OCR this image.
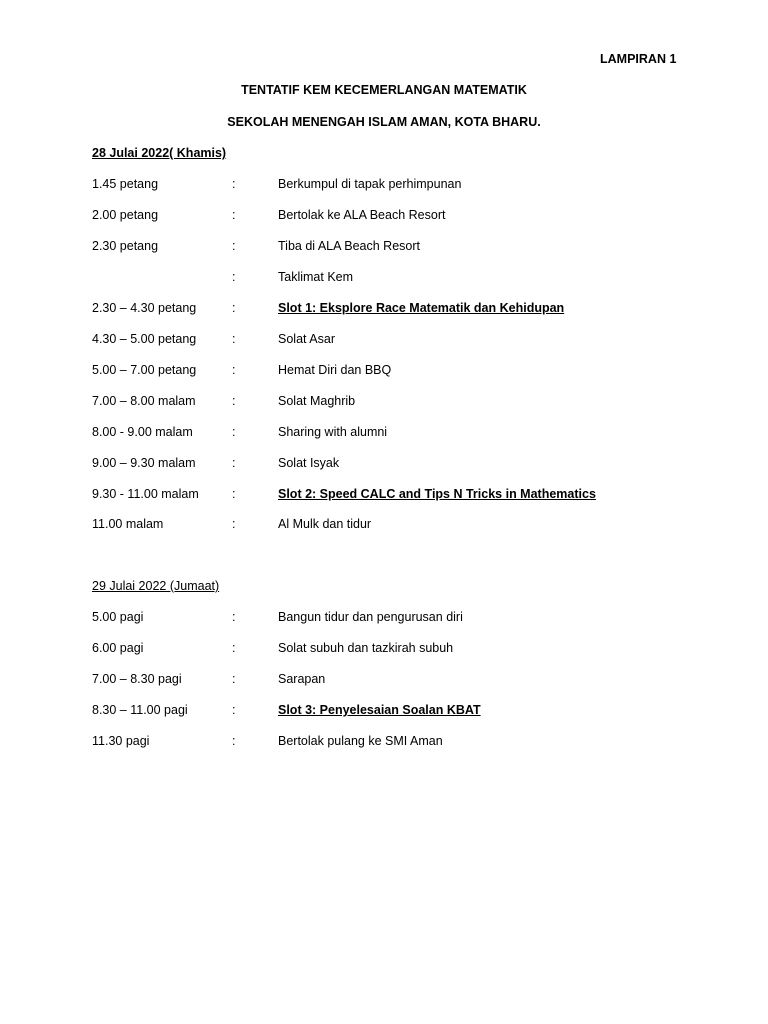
LAMPIRAN 1
TENTATIF KEM KECEMERLANGAN MATEMATIK
SEKOLAH MENENGAH ISLAM AMAN, KOTA BHARU.
28 Julai 2022( Khamis)
1.45 petang	:	Berkumpul di tapak perhimpunan
2.00 petang	:	Bertolak ke ALA Beach Resort
2.30 petang	:	Tiba di ALA Beach Resort
:	Taklimat Kem
2.30 – 4.30 petang	:	Slot 1: Eksplore Race Matematik dan Kehidupan
4.30 – 5.00 petang	:	Solat Asar
5.00 – 7.00 petang	:	Hemat Diri dan BBQ
7.00 – 8.00 malam	:	Solat Maghrib
8.00 - 9.00 malam	:	Sharing with alumni
9.00 – 9.30 malam	:	Solat Isyak
9.30 - 11.00 malam	:	Slot 2: Speed CALC and Tips N Tricks in Mathematics
11.00 malam	:	Al Mulk dan tidur
29 Julai 2022 (Jumaat)
5.00 pagi	:	Bangun tidur dan pengurusan diri
6.00 pagi	:	Solat subuh dan tazkirah subuh
7.00 – 8.30 pagi	:	Sarapan
8.30 – 11.00 pagi	:	Slot 3: Penyelesaian Soalan KBAT
11.30 pagi	:	Bertolak pulang ke SMI Aman
